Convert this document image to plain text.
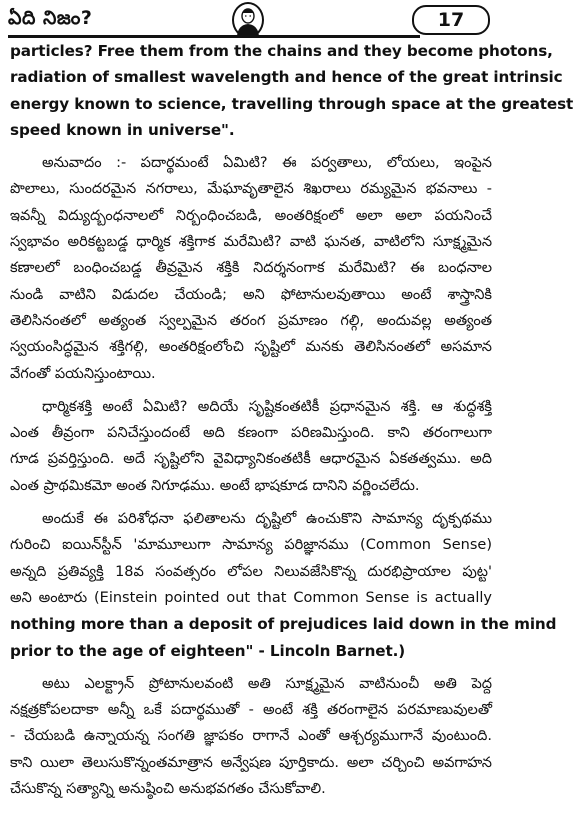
ఏది నిజం?	17
particles? Free them from the chains and they become photons,
radiation of smallest wavelength and hence of the great intrinsic
energy known to science, travelling through space at the greatest
speed known in universe".
అనువాదం :- పదార్థమంటే ఏమిటి? ఈ పర్వతాలు, లోయలు, ఇంపైన
పొలాలు, సుందరమైన నగరాలు, మేఘావృతాలైన శిఖరాలు రమ్యమైన భవనాలు -
ఇవన్నీ విద్యుద్బంధనాలలో నిర్బంధించబడి, అంతరిక్షంలో అలా అలా పయనించే
స్వభావం అరికట్టబడ్డ ధార్మిక శక్తిగాక మరేమిటి? వాటి ఘనత, వాటిలోని సూక్ష్మమైన
కణాలలో బంధించబడ్డ తీవ్రమైన శక్తికి నిదర్శనంగాక మరేమిటి? ఈ బంధనాల
నుండి వాటిని విడుదల చేయండి; అని ఫోటానులవుతాయి అంటే శాస్త్రానికి
తెలిసినంతలో అత్యంత స్వల్పమైన తరంగ ప్రమాణం గల్గి, అందువల్ల అత్యంత
స్వయంసిద్ధమైన శక్తిగల్గి, అంతరిక్షంలోంచి సృష్టిలో మనకు తెలిసినంతలో అసమాన
వేగంతో పయనిస్తుంటాయి.
ధార్మికశక్తి అంటే ఏమిటి? అదియే సృష్టికంతటికీ ప్రధానమైన శక్తి. ఆ శుద్ధశక్తి
ఎంత తీవ్రంగా పనిచేస్తుందంటే అది కణంగా పరిణమిస్తుంది. కాని తరంగాలుగా
గూడ ప్రవర్తిస్తుంది. అదే సృష్టిలోని వైవిధ్యానికంతటికీ ఆధారమైన ఏకతత్వము. అది
ఎంత ప్రాథమికమో అంత నిగూఢము. అంటే భాషకూడ దానిని వర్ణించలేదు.
అందుకే ఈ పరిశోధనా ఫలితాలను దృష్టిలో ఉంచుకొని సామాన్య దృక్పథము
గురించి ఐయిన్‌స్టీన్ 'మామూలుగా సామాన్య పరిజ్ఞానము (Common Sense)
అన్నది ప్రతివ్యక్తి 18వ సంవత్సరం లోపల నిలువజేసికొన్న దురభిప్రాయాల పుట్ట'
అని అంటారు (Einstein pointed out that Common Sense is actually
nothing more than a deposit of prejudices laid down in the mind
prior to the age of eighteen" - Lincoln Barnet.)
అటు ఎలక్ట్రాన్ ప్రోటానులవంటి అతి సూక్ష్మమైన వాటినుంచీ అతి పెద్ద
నక్షత్రకోపలదాకా అన్నీ ఒకే పదార్థముతో - అంటే శక్తి తరంగాలైన పరమాణువులతో
- చేయబడి ఉన్నాయన్న సంగతి జ్ఞాపకం రాగానే ఎంతో ఆశ్చర్యముగానే వుంటుంది.
కాని యిలా తెలుసుకొన్నంతమాత్రాన అన్వేషణ పూర్తికాదు. అలా చర్చించి అవగాహన
చేసుకొన్న సత్యాన్ని అనుష్ఠించి అనుభవగతం చేసుకోవాలి.
